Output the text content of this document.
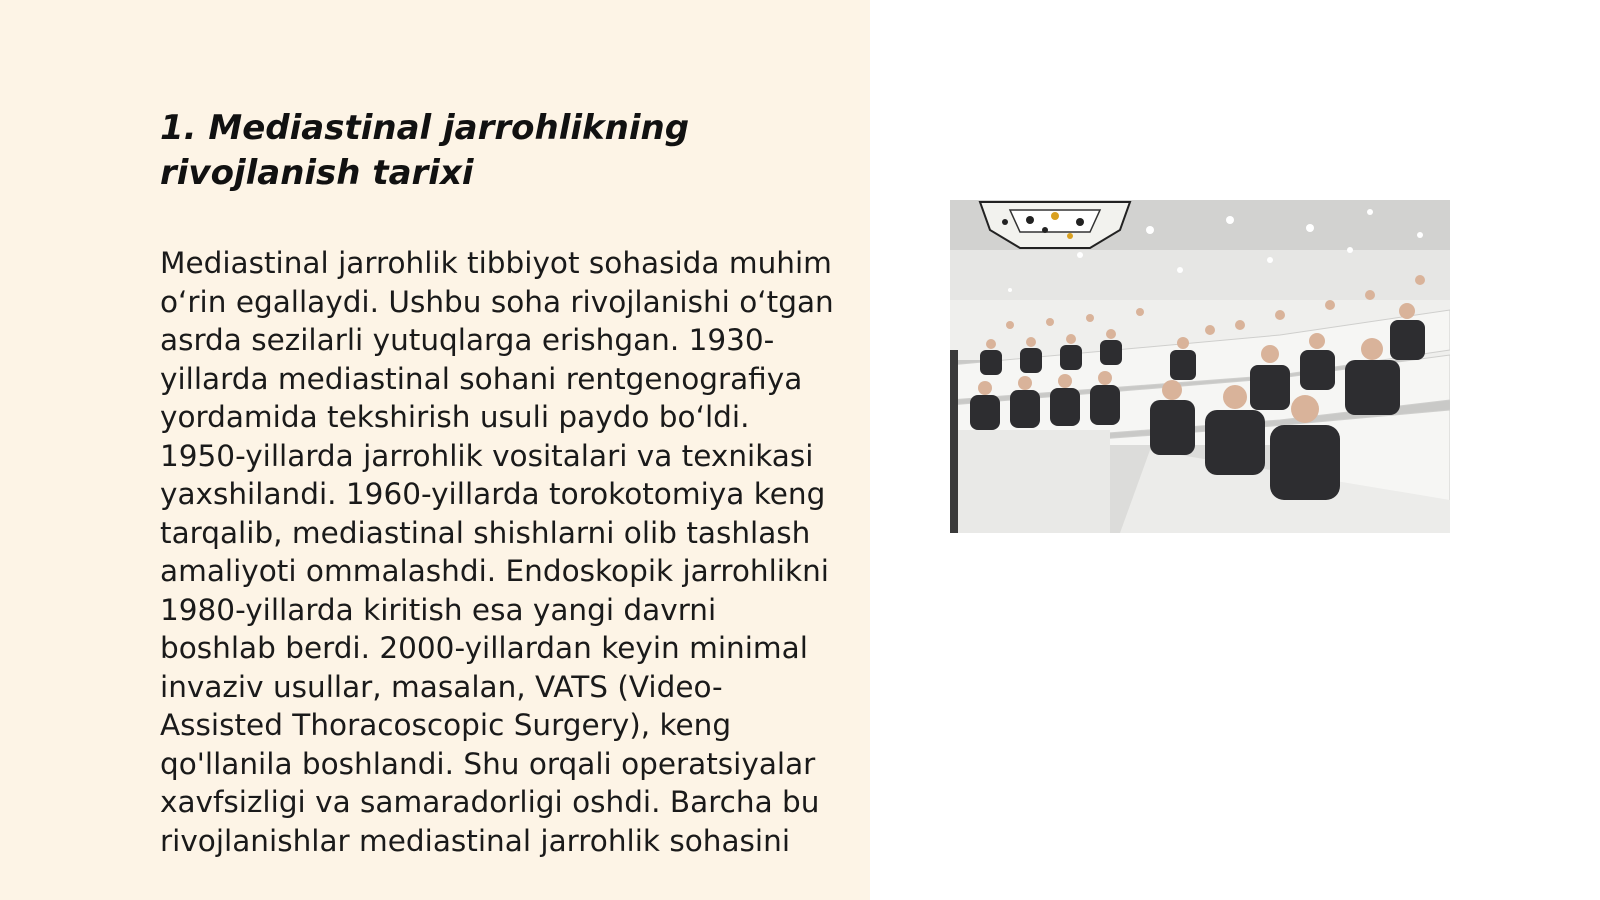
1. Mediastinal jarrohlikning rivojlanish tarixi

Mediastinal jarrohlik tibbiyot sohasida muhim oʻrin egallaydi. Ushbu soha rivojlanishi oʻtgan asrda sezilarli yutuqlarga erishgan. 1930-yillarda mediastinal sohani rentgenografiya yordamida tekshirish usuli paydo boʻldi. 1950-yillarda jarrohlik vositalari va texnikasi yaxshilandi. 1960-yillarda torokotomiya keng tarqalib, mediastinal shishlarni olib tashlash amaliyoti ommalashdi. Endoskopik jarrohlikni 1980-yillarda kiritish esa yangi davrni boshlab berdi. 2000-yillardan keyin minimal invaziv usullar, masalan, VATS (Video-Assisted Thoracoscopic Surgery), keng qo'llanila boshlandi. Shu orqali operatsiyalar xavfsizligi va samaradorligi oshdi. Barcha bu rivojlanishlar mediastinal jarrohlik sohasini
